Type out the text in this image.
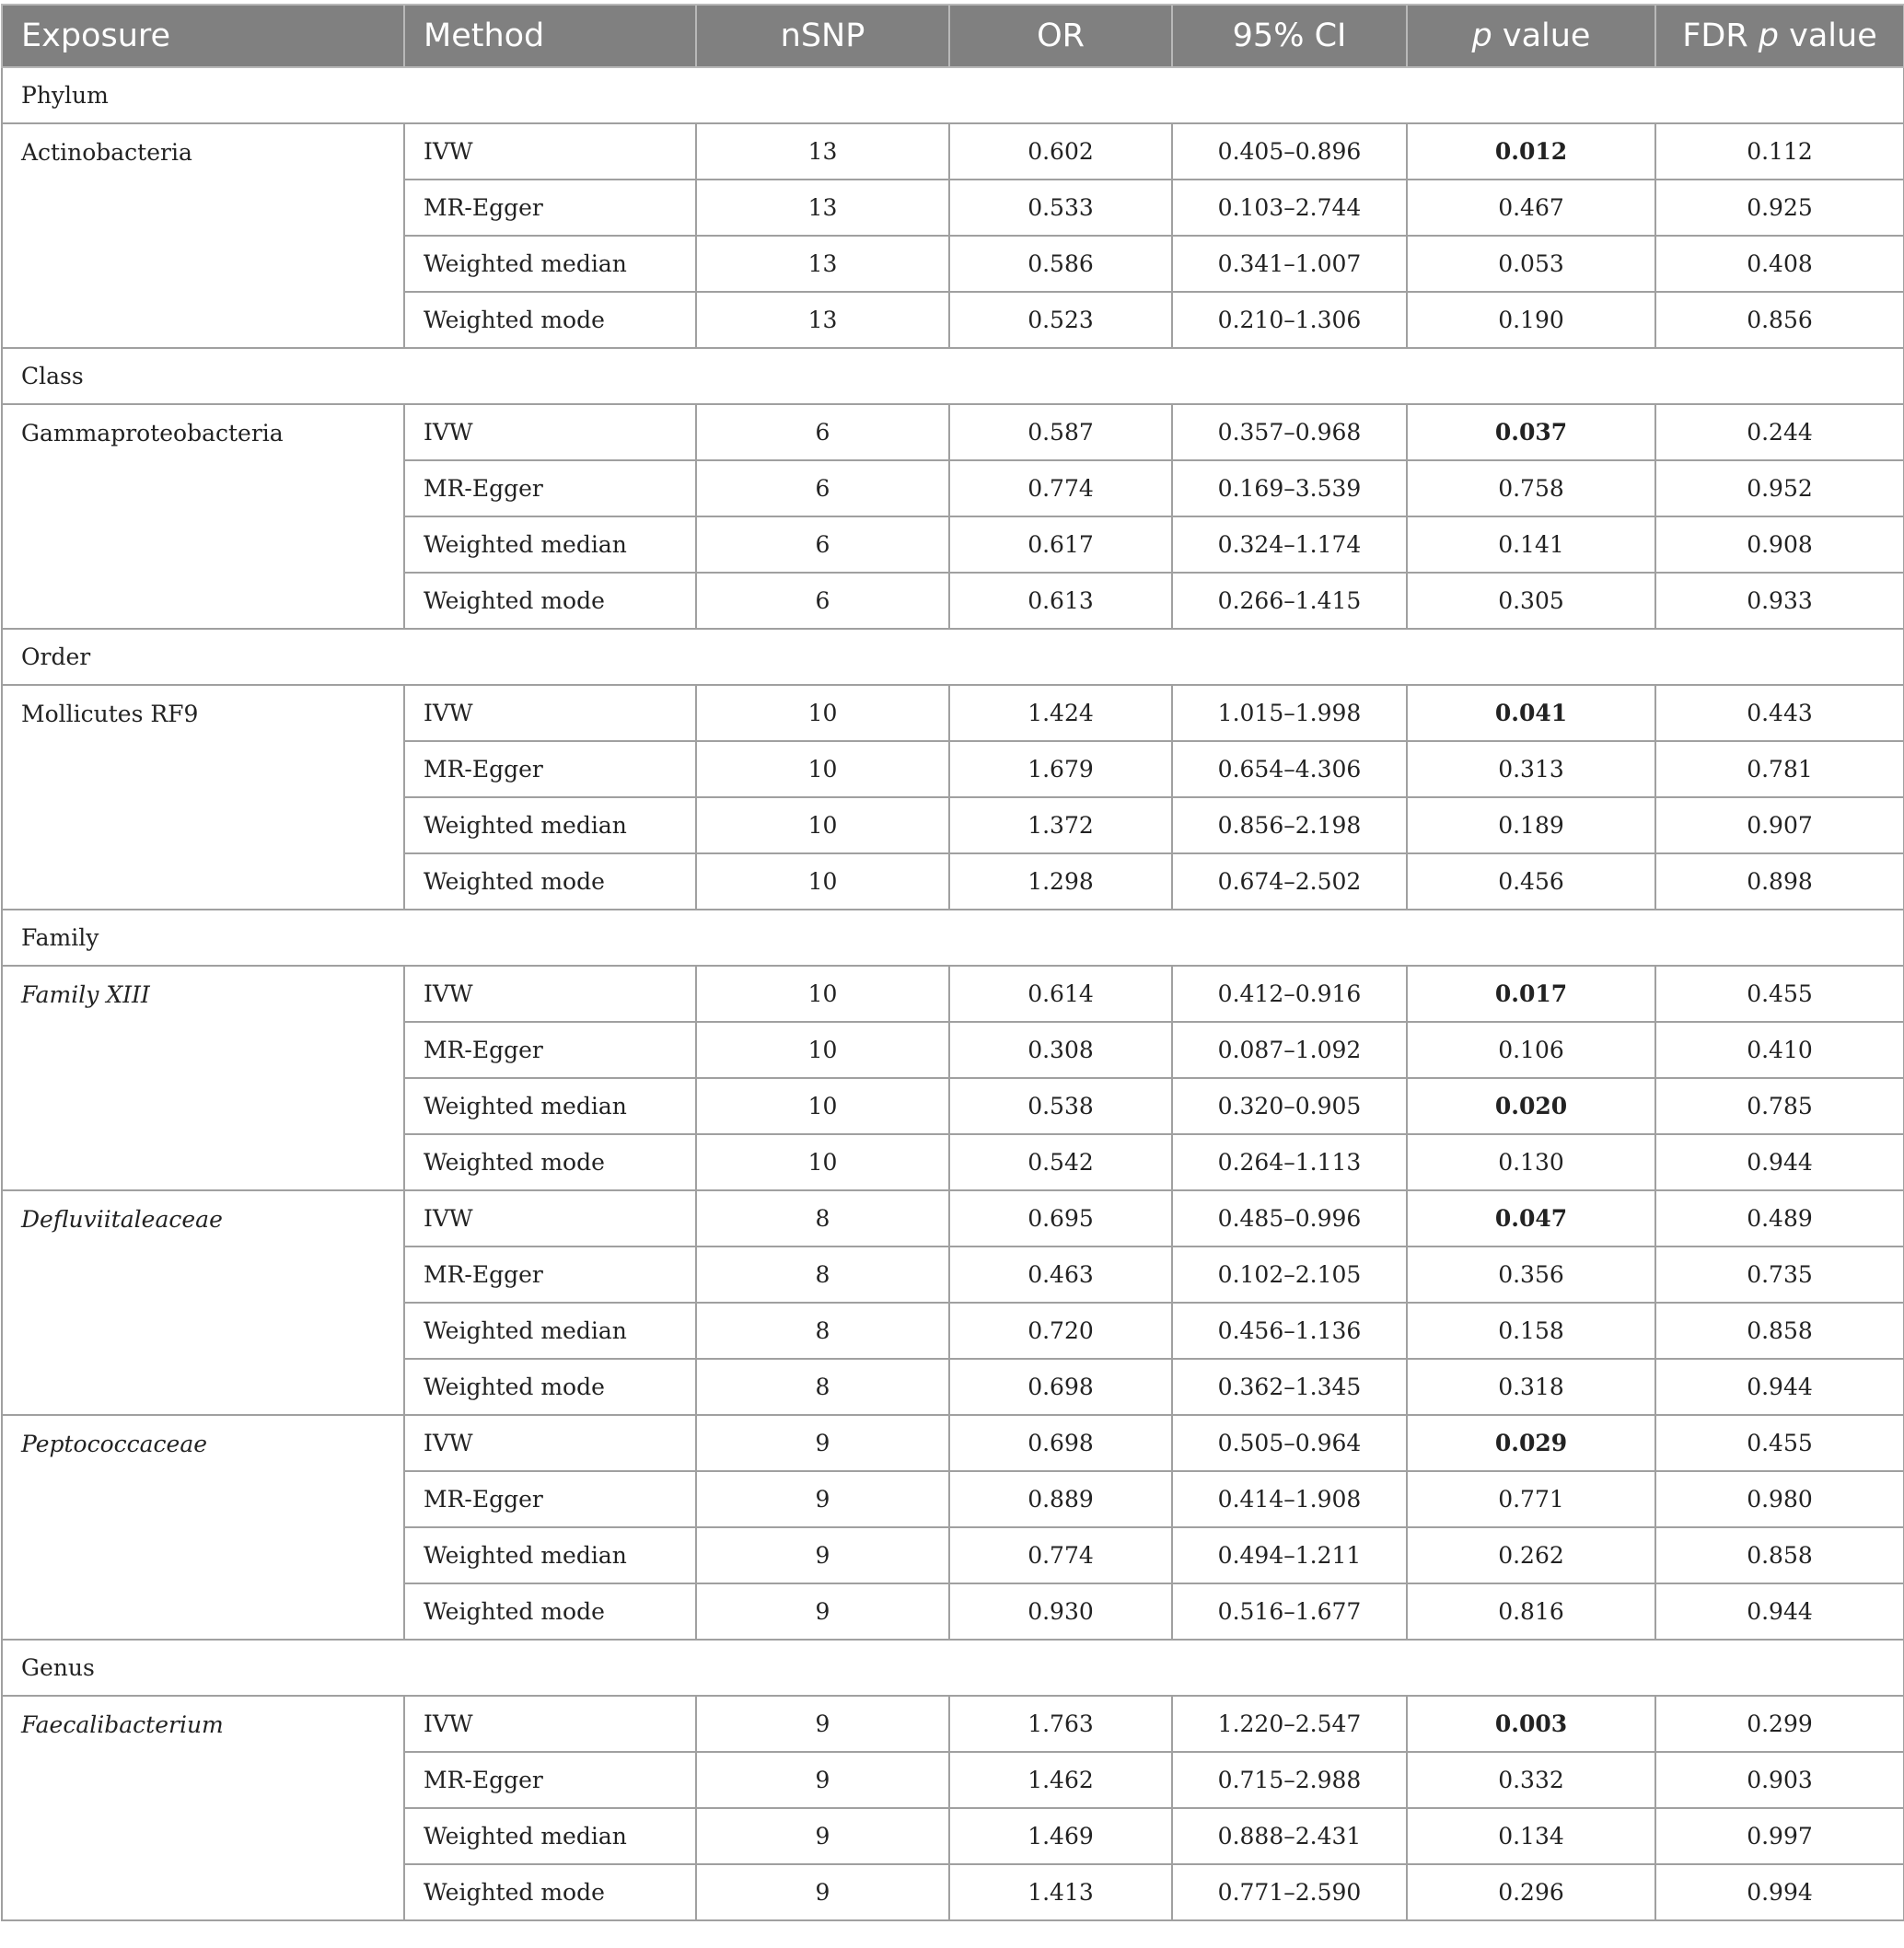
Exposure	Method	nSNP	OR	95% CI	p value	FDR p value
Phylum						
Actinobacteria	IVW	13	0.602	0.405–0.896	0.012	0.112
	MR-Egger	13	0.533	0.103–2.744	0.467	0.925
	Weighted median	13	0.586	0.341–1.007	0.053	0.408
	Weighted mode	13	0.523	0.210–1.306	0.190	0.856
Class						
Gammaproteobacteria	IVW	6	0.587	0.357–0.968	0.037	0.244
	MR-Egger	6	0.774	0.169–3.539	0.758	0.952
	Weighted median	6	0.617	0.324–1.174	0.141	0.908
	Weighted mode	6	0.613	0.266–1.415	0.305	0.933
Order						
Mollicutes RF9	IVW	10	1.424	1.015–1.998	0.041	0.443
	MR-Egger	10	1.679	0.654–4.306	0.313	0.781
	Weighted median	10	1.372	0.856–2.198	0.189	0.907
	Weighted mode	10	1.298	0.674–2.502	0.456	0.898
Family						
Family XIII	IVW	10	0.614	0.412–0.916	0.017	0.455
	MR-Egger	10	0.308	0.087–1.092	0.106	0.410
	Weighted median	10	0.538	0.320–0.905	0.020	0.785
	Weighted mode	10	0.542	0.264–1.113	0.130	0.944
Defluviitaleaceae	IVW	8	0.695	0.485–0.996	0.047	0.489
	MR-Egger	8	0.463	0.102–2.105	0.356	0.735
	Weighted median	8	0.720	0.456–1.136	0.158	0.858
	Weighted mode	8	0.698	0.362–1.345	0.318	0.944
Peptococcaceae	IVW	9	0.698	0.505–0.964	0.029	0.455
	MR-Egger	9	0.889	0.414–1.908	0.771	0.980
	Weighted median	9	0.774	0.494–1.211	0.262	0.858
	Weighted mode	9	0.930	0.516–1.677	0.816	0.944
Genus						
Faecalibacterium	IVW	9	1.763	1.220–2.547	0.003	0.299
	MR-Egger	9	1.462	0.715–2.988	0.332	0.903
	Weighted median	9	1.469	0.888–2.431	0.134	0.997
	Weighted mode	9	1.413	0.771–2.590	0.296	0.994
